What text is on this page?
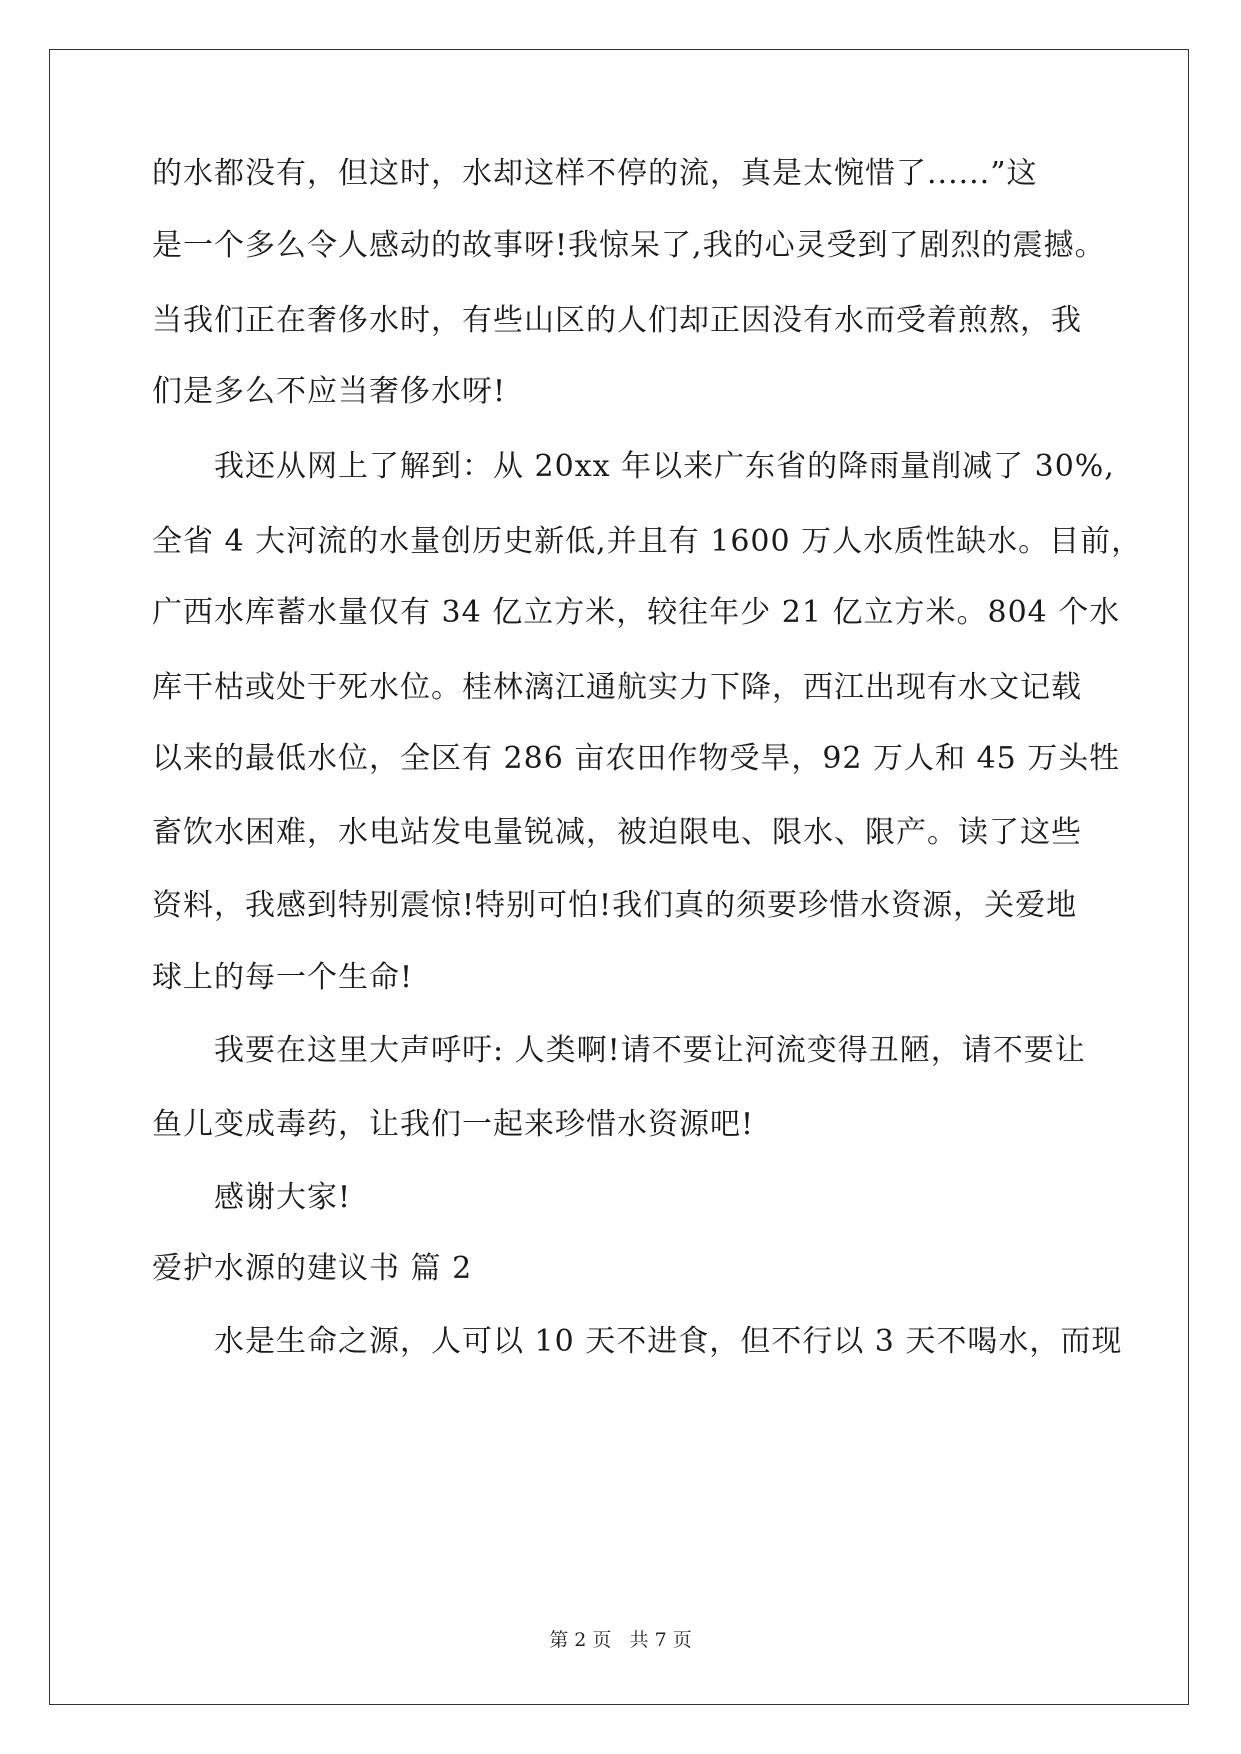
的水都没有，但这时，水却这样不停的流，真是太惋惜了......”这
是一个多么令人感动的故事呀!我惊呆了,我的心灵受到了剧烈的震撼。
当我们正在奢侈水时，有些山区的人们却正因没有水而受着煎熬，我
们是多么不应当奢侈水呀!
我还从网上了解到：从 20xx 年以来广东省的降雨量削减了 30%,
全省 4 大河流的水量创历史新低,并且有 1600 万人水质性缺水。目前，
广西水库蓄水量仅有 34 亿立方米，较往年少 21 亿立方米。804 个水
库干枯或处于死水位。桂林漓江通航实力下降，西江出现有水文记载
以来的最低水位，全区有 286 亩农田作物受旱，92 万人和 45 万头牲
畜饮水困难，水电站发电量锐减，被迫限电、限水、限产。读了这些
资料，我感到特别震惊!特别可怕!我们真的须要珍惜水资源，关爱地
球上的每一个生命!
我要在这里大声呼吁: 人类啊!请不要让河流变得丑陋，请不要让
鱼儿变成毒药，让我们一起来珍惜水资源吧!
感谢大家!
爱护水源的建议书 篇 2
水是生命之源，人可以 10 天不进食，但不行以 3 天不喝水，而现
第 2 页   共 7 页
